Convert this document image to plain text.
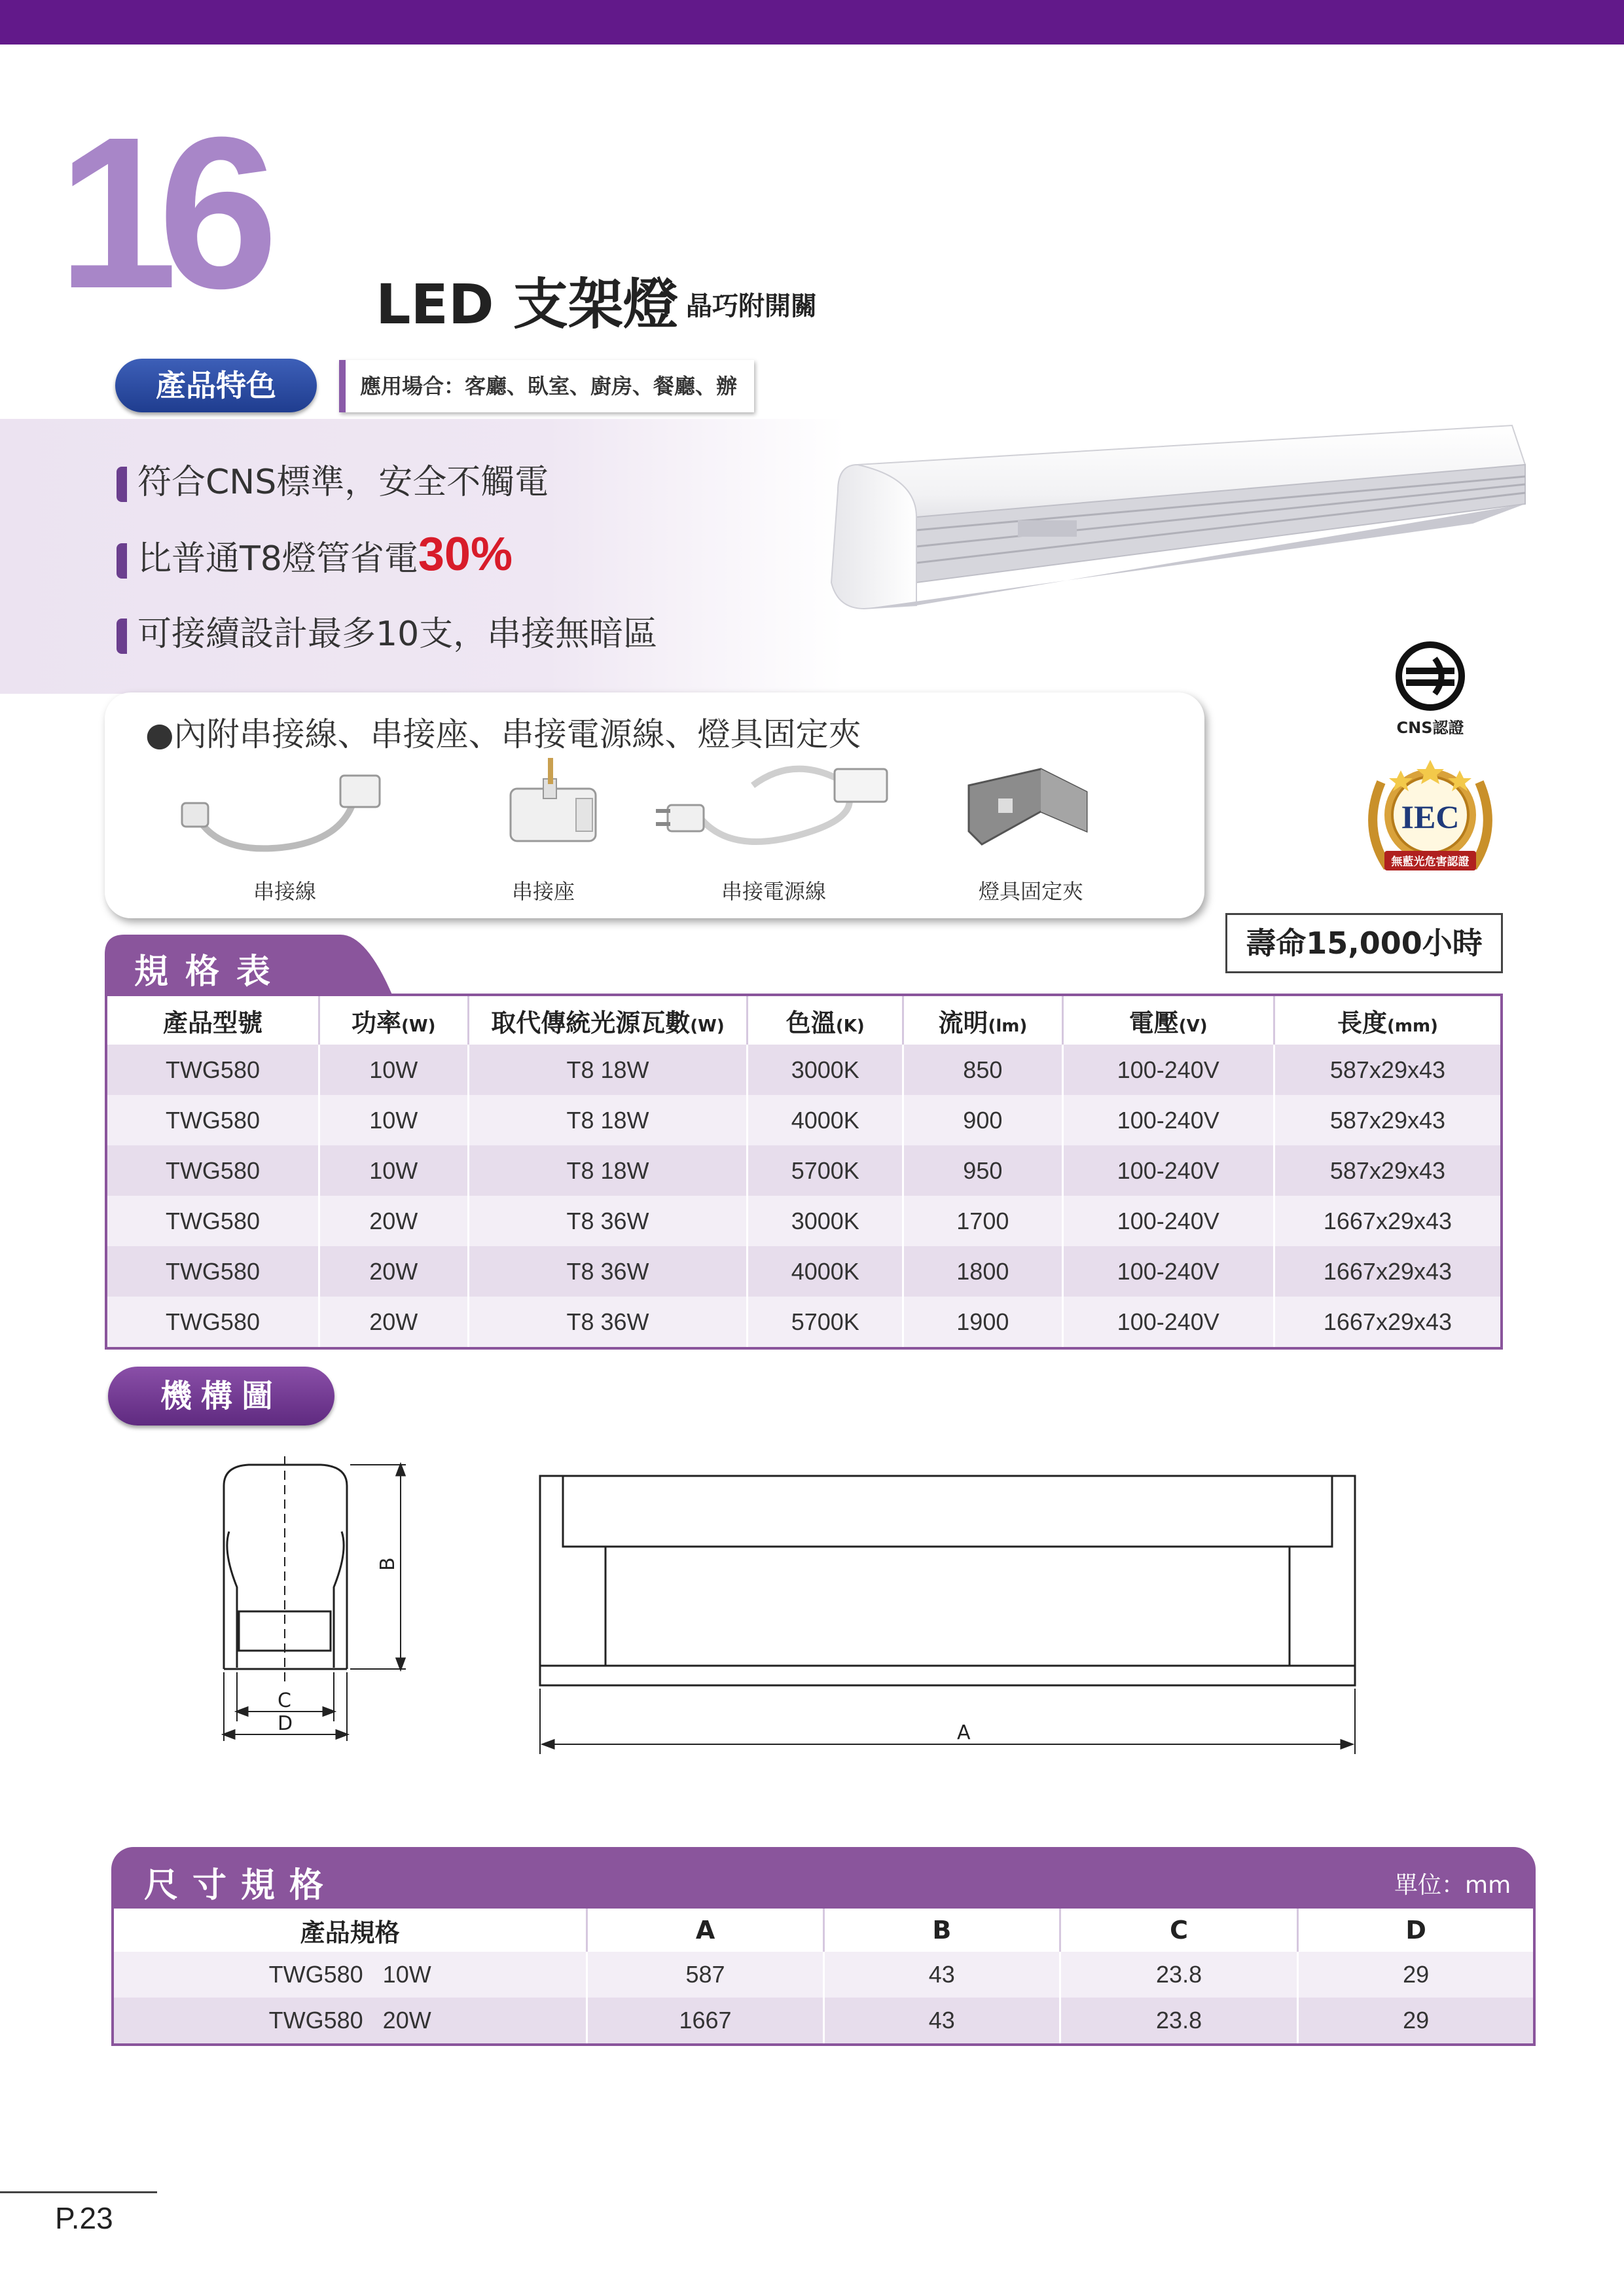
16 LED 支架燈 晶巧附開關
產品特色	應用場合：客廳、臥室、廚房、餐廳、辦
符合CNS標準，安全不觸電
比普通T8燈管省電30%
可接續設計最多10支，串接無暗區
CNS認證
IEC
無藍光危害認證
●內附串接線、串接座、串接電源線、燈具固定夾
串接線	串接座	串接電源線	燈具固定夾
壽命15,000小時
規格表
產品型號	功率(W)	取代傳統光源瓦數(W)	色溫(K)	流明(lm)	電壓(V)	長度(mm)
TWG580	10W	T8 18W	3000K	850	100-240V	587x29x43
TWG580	10W	T8 18W	4000K	900	100-240V	587x29x43
TWG580	10W	T8 18W	5700K	950	100-240V	587x29x43
TWG580	20W	T8 36W	3000K	1700	100-240V	1667x29x43
TWG580	20W	T8 36W	4000K	1800	100-240V	1667x29x43
TWG580	20W	T8 36W	5700K	1900	100-240V	1667x29x43
機構圖
B
C
D	A
尺寸規格	單位：mm
產品規格	A	B	C	D
TWG580   10W	587	43	23.8	29
TWG580   20W	1667	43	23.8	29
P.23
